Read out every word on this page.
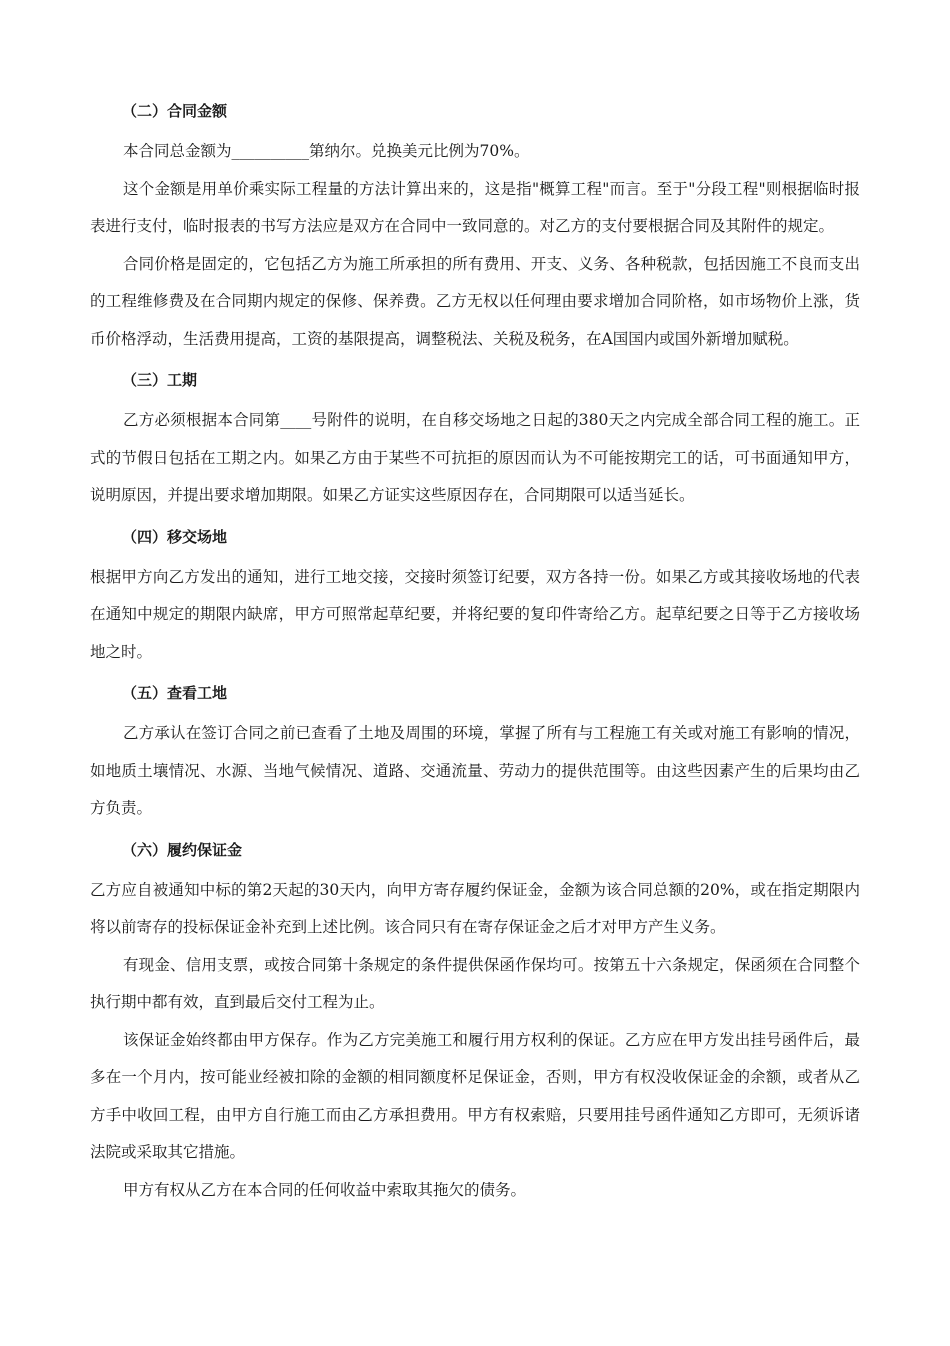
（二）合同金额

本合同总金额为__________第纳尔。兑换美元比例为70%。

这个金额是用单价乘实际工程量的方法计算出来的，这是指"概算工程"而言。至于"分段工程"则根据临时报表进行支付，临时报表的书写方法应是双方在合同中一致同意的。对乙方的支付要根据合同及其附件的规定。

合同价格是固定的，它包括乙方为施工所承担的所有费用、开支、义务、各种税款，包括因施工不良而支出的工程维修费及在合同期内规定的保修、保养费。乙方无权以任何理由要求增加合同阶格，如市场物价上涨，货币价格浮动，生活费用提高，工资的基限提高，调整税法、关税及税务，在A国国内或国外新增加赋税。

（三）工期

乙方必须根据本合同第____号附件的说明，在自移交场地之日起的380天之内完成全部合同工程的施工。正式的节假日包括在工期之内。如果乙方由于某些不可抗拒的原因而认为不可能按期完工的话，可书面通知甲方，说明原因，并提出要求增加期限。如果乙方证实这些原因存在，合同期限可以适当延长。

（四）移交场地

根据甲方向乙方发出的通知，进行工地交接，交接时须签订纪要，双方各持一份。如果乙方或其接收场地的代表在通知中规定的期限内缺席，甲方可照常起草纪要，并将纪要的复印件寄给乙方。起草纪要之日等于乙方接收场地之时。

（五）查看工地

乙方承认在签订合同之前已查看了土地及周围的环境，掌握了所有与工程施工有关或对施工有影响的情况，如地质土壤情况、水源、当地气候情况、道路、交通流量、劳动力的提供范围等。由这些因素产生的后果均由乙方负责。

（六）履约保证金

乙方应自被通知中标的第2天起的30天内，向甲方寄存履约保证金，金额为该合同总额的20%，或在指定期限内将以前寄存的投标保证金补充到上述比例。该合同只有在寄存保证金之后才对甲方产生义务。

有现金、信用支票，或按合同第十条规定的条件提供保函作保均可。按第五十六条规定，保函须在合同整个执行期中都有效，直到最后交付工程为止。

该保证金始终都由甲方保存。作为乙方完美施工和履行用方权利的保证。乙方应在甲方发出挂号函件后，最多在一个月内，按可能业经被扣除的金额的相同额度杯足保证金，否则，甲方有权没收保证金的余额，或者从乙方手中收回工程，由甲方自行施工而由乙方承担费用。甲方有权索赔，只要用挂号函件通知乙方即可，无须诉诸法院或采取其它措施。

甲方有权从乙方在本合同的任何收益中索取其拖欠的债务。
